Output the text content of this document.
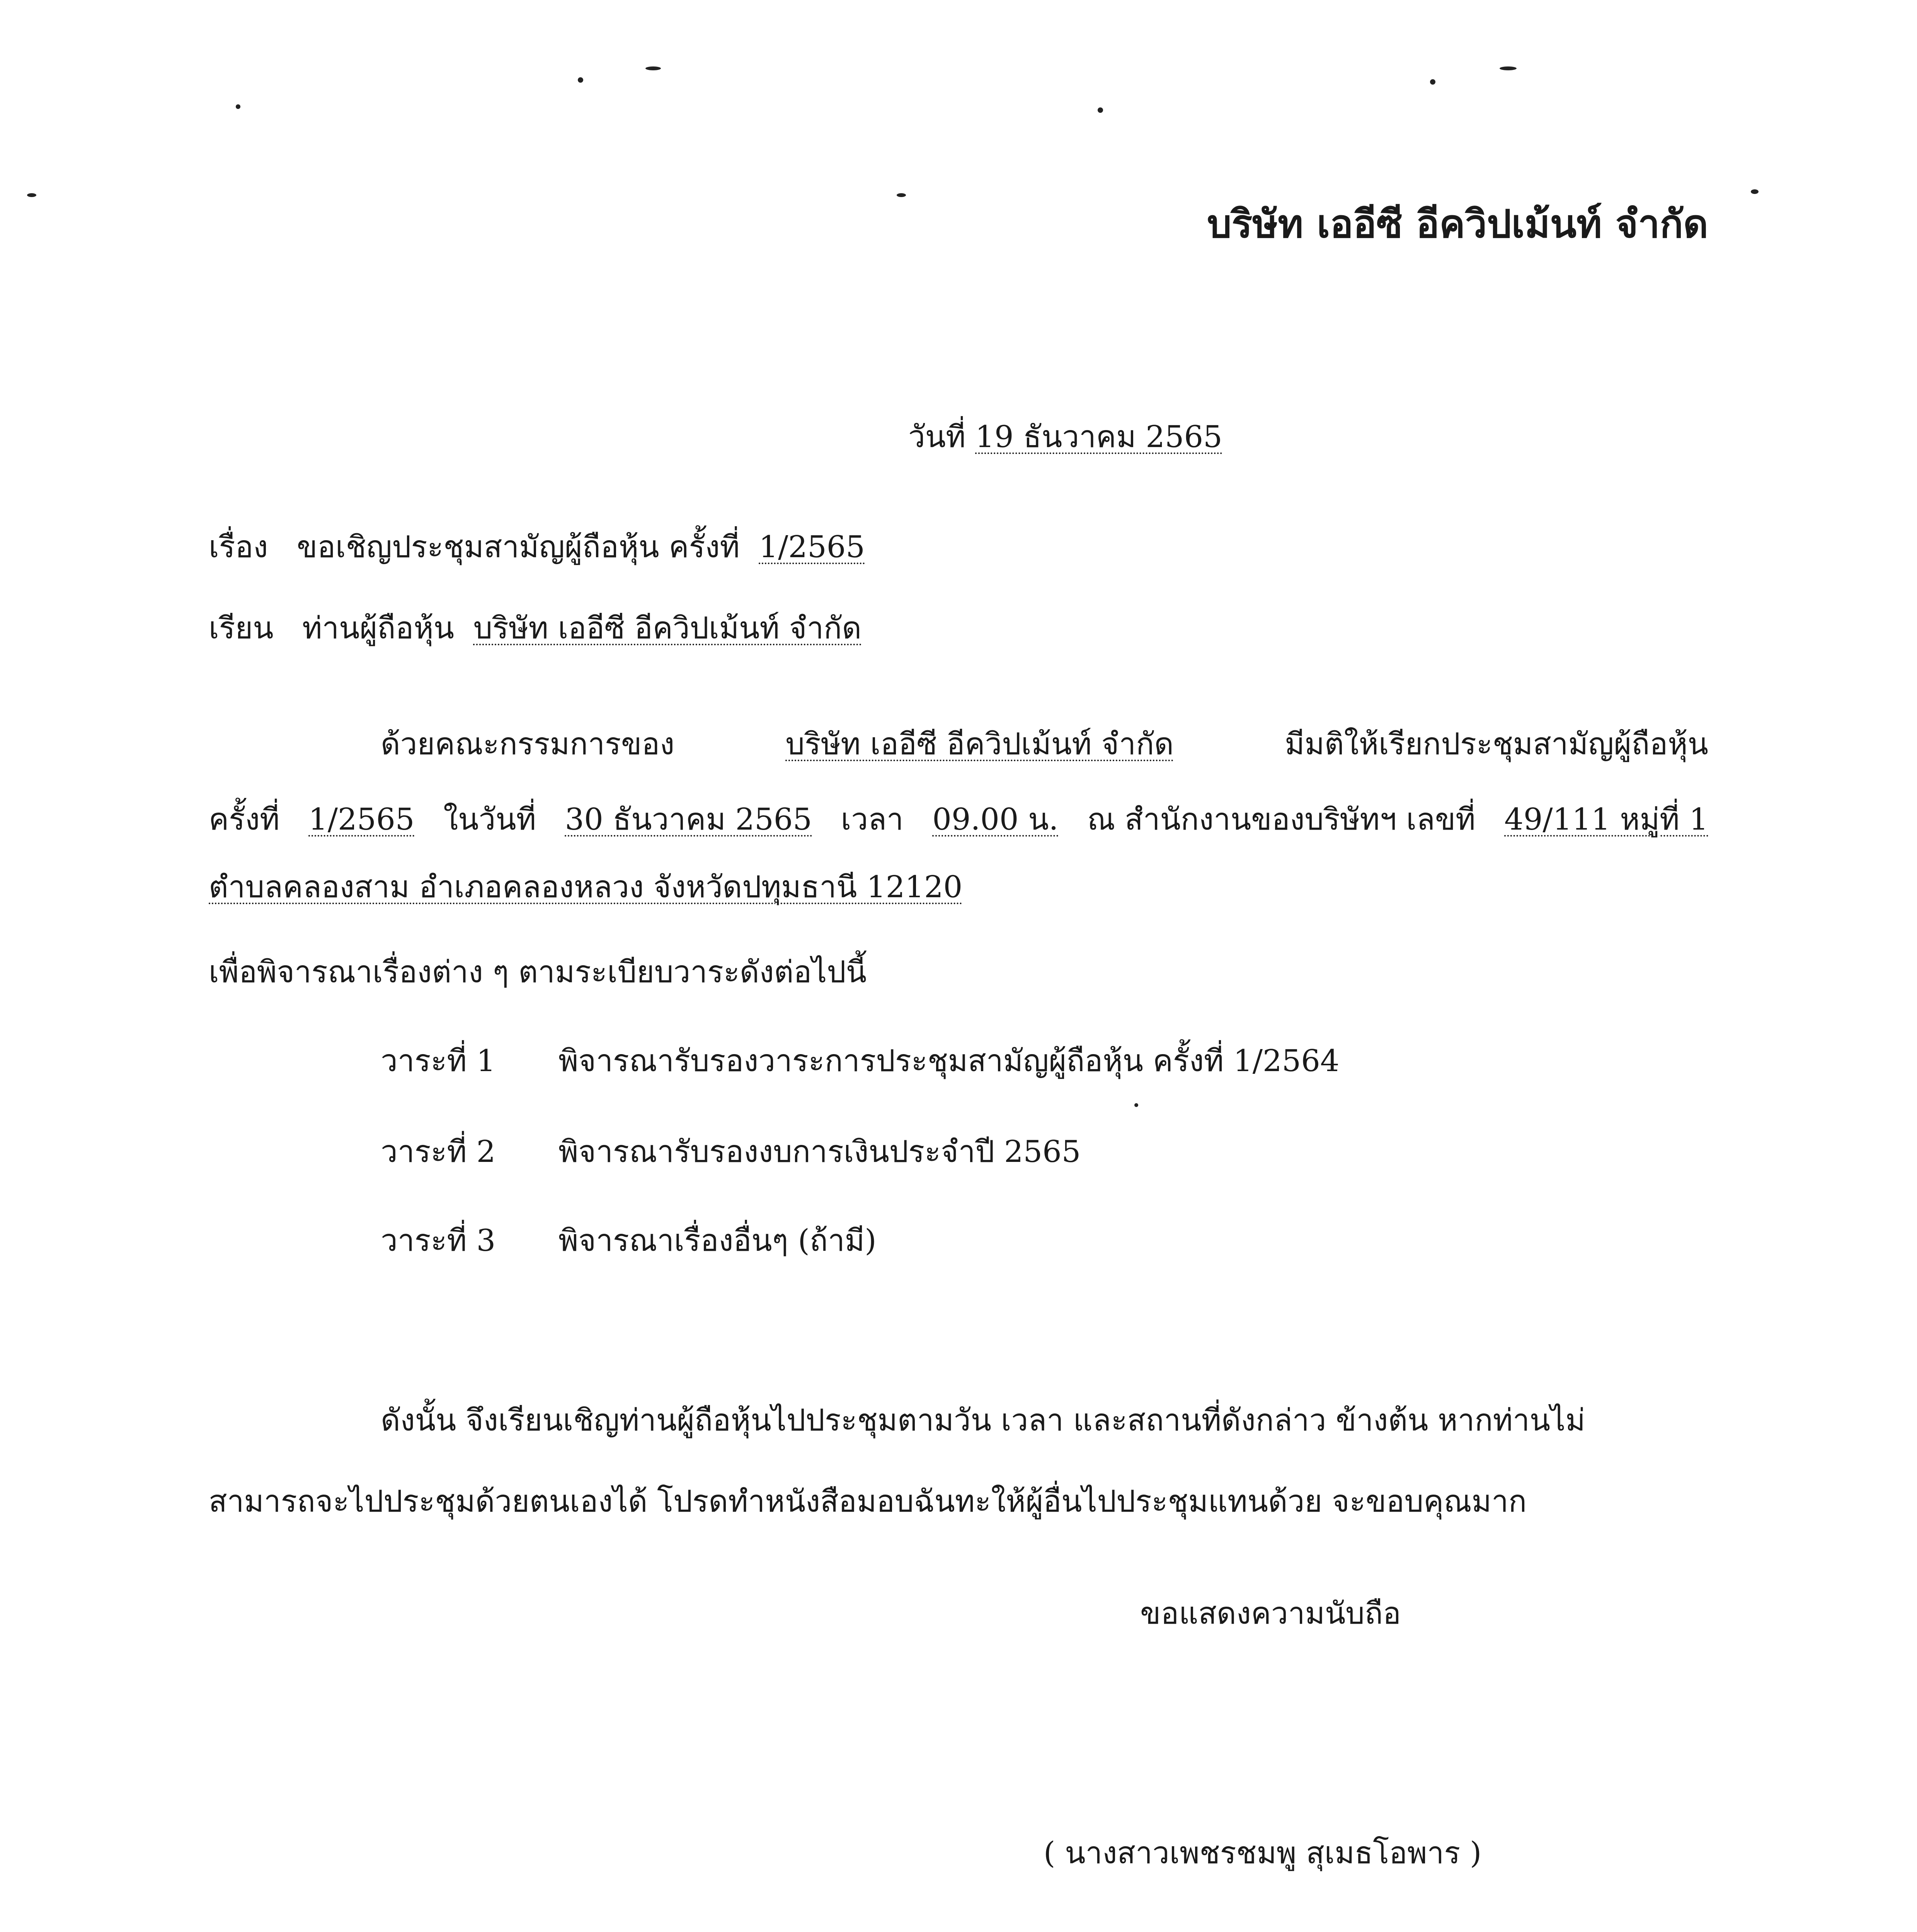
บริษัท เออีซี อีควิปเม้นท์ จำกัด
วันที่ 19 ธันวาคม 2565
เรื่อง ขอเชิญประชุมสามัญผู้ถือหุ้น ครั้งที่ 1/2565
เรียน ท่านผู้ถือหุ้น บริษัท เออีซี อีควิปเม้นท์ จำกัด
ด้วยคณะกรรมการของ	บริษัท เออีซี อีควิปเม้นท์ จำกัด	มีมติให้เรียกประชุมสามัญผู้ถือหุ้น
ครั้งที่ 1/2565 ในวันที่ 30 ธันวาคม 2565 เวลา 09.00 น. ณ สำนักงานของบริษัทฯ เลขที่ 49/111 หมู่ที่ 1
ตำบลคลองสาม อำเภอคลองหลวง จังหวัดปทุมธานี 12120
เพื่อพิจารณาเรื่องต่าง ๆ ตามระเบียบวาระดังต่อไปนี้
วาระที่ 1 พิจารณารับรองวาระการประชุมสามัญผู้ถือหุ้น ครั้งที่ 1/2564
วาระที่ 2 พิจารณารับรองงบการเงินประจำปี 2565
วาระที่ 3 พิจารณาเรื่องอื่นๆ (ถ้ามี)
ดังนั้น จึงเรียนเชิญท่านผู้ถือหุ้นไปประชุมตามวัน เวลา และสถานที่ดังกล่าว ข้างต้น หากท่านไม่
สามารถจะไปประชุมด้วยตนเองได้ โปรดทำหนังสือมอบฉันทะให้ผู้อื่นไปประชุมแทนด้วย จะขอบคุณมาก
ขอแสดงความนับถือ
( นางสาวเพชรชมพู สุเมธโอพาร )
